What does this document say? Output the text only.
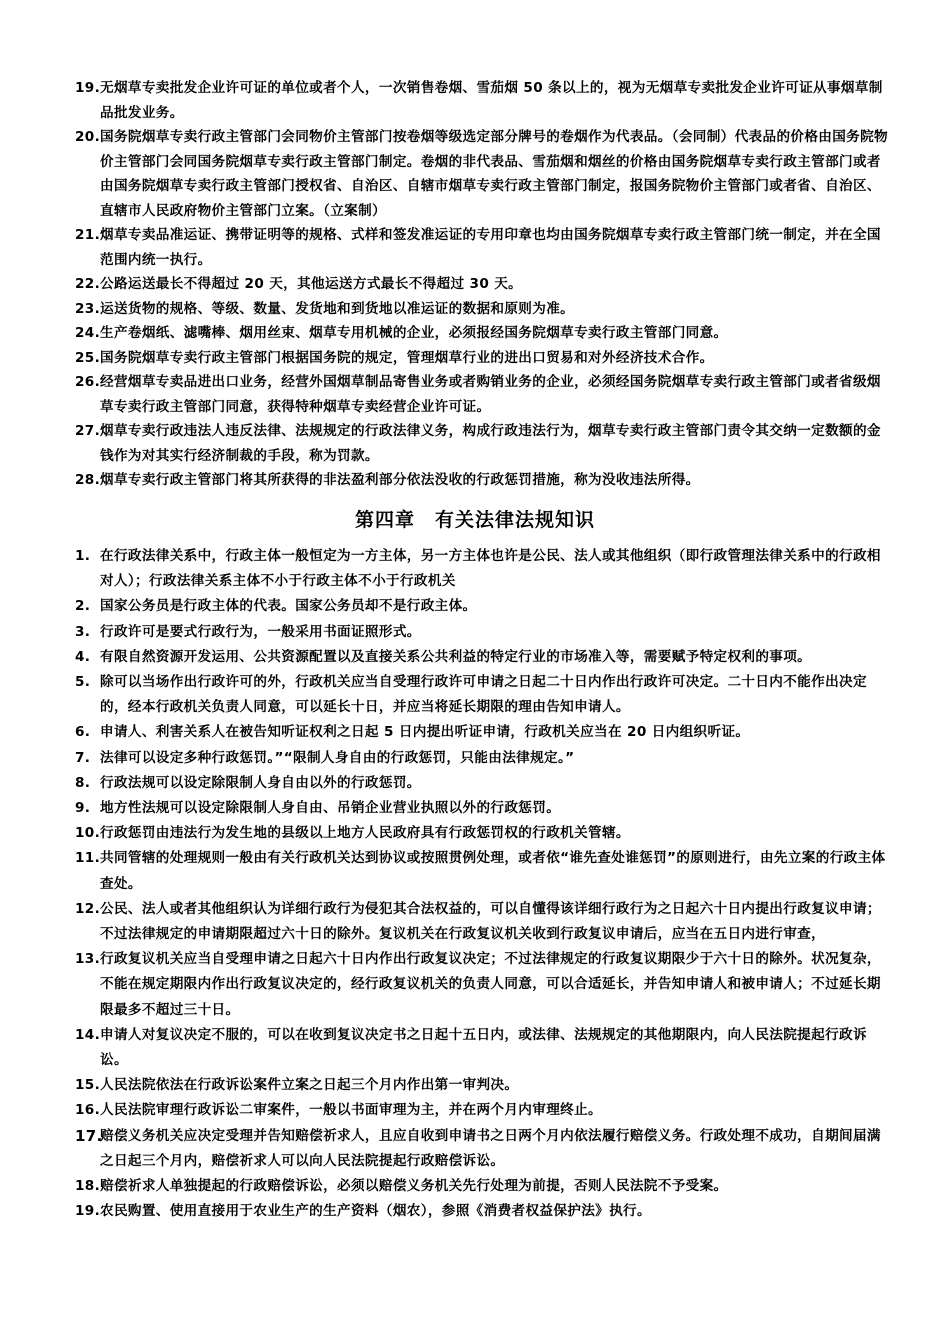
19. 无烟草专卖批发企业许可证的单位或者个人，一次销售卷烟、雪茄烟 50 条以上的，视为无烟草专卖批发企业许可证从事烟草制品批发业务。
20. 国务院烟草专卖行政主管部门会同物价主管部门按卷烟等级选定部分牌号的卷烟作为代表品。（会同制）代表品的价格由国务院物价主管部门会同国务院烟草专卖行政主管部门制定。卷烟的非代表品、雪茄烟和烟丝的价格由国务院烟草专卖行政主管部门或者由国务院烟草专卖行政主管部门授权省、自治区、自辖市烟草专卖行政主管部门制定，报国务院物价主管部门或者省、自治区、直辖市人民政府物价主管部门立案。（立案制）
21. 烟草专卖品准运证、携带证明等的规格、式样和签发准运证的专用印章也均由国务院烟草专卖行政主管部门统一制定，并在全国范围内统一执行。
22. 公路运送最长不得超过 20 天，其他运送方式最长不得超过 30 天。
23. 运送货物的规格、等级、数量、发货地和到货地以准运证的数据和原则为准。
24. 生产卷烟纸、滤嘴棒、烟用丝束、烟草专用机械的企业，必须报经国务院烟草专卖行政主管部门同意。
25. 国务院烟草专卖行政主管部门根据国务院的规定，管理烟草行业的进出口贸易和对外经济技术合作。
26. 经营烟草专卖品进出口业务，经营外国烟草制品寄售业务或者购销业务的企业，必须经国务院烟草专卖行政主管部门或者省级烟草专卖行政主管部门同意，获得特种烟草专卖经营企业许可证。
27. 烟草专卖行政违法人违反法律、法规规定的行政法律义务，构成行政违法行为，烟草专卖行政主管部门责令其交纳一定数额的金钱作为对其实行经济制裁的手段，称为罚款。
28. 烟草专卖行政主管部门将其所获得的非法盈利部分依法没收的行政惩罚措施，称为没收违法所得。
第四章　有关法律法规知识
1. 在行政法律关系中，行政主体一般恒定为一方主体，另一方主体也许是公民、法人或其他组织（即行政管理法律关系中的行政相对人）；行政法律关系主体不小于行政主体不小于行政机关
2. 国家公务员是行政主体的代表。国家公务员却不是行政主体。
3. 行政许可是要式行政行为，一般采用书面证照形式。
4. 有限自然资源开发运用、公共资源配置以及直接关系公共利益的特定行业的市场准入等，需要赋予特定权利的事项。
5. 除可以当场作出行政许可的外，行政机关应当自受理行政许可申请之日起二十日内作出行政许可决定。二十日内不能作出决定的，经本行政机关负责人同意，可以延长十日，并应当将延长期限的理由告知申请人。
6. 申请人、利害关系人在被告知听证权利之日起 5 日内提出听证申请，行政机关应当在 20 日内组织听证。
7. 法律可以设定多种行政惩罚。”“限制人身自由的行政惩罚，只能由法律规定。”
8. 行政法规可以设定除限制人身自由以外的行政惩罚。
9. 地方性法规可以设定除限制人身自由、吊销企业营业执照以外的行政惩罚。
10. 行政惩罚由违法行为发生地的县级以上地方人民政府具有行政惩罚权的行政机关管辖。
11. 共同管辖的处理规则一般由有关行政机关达到协议或按照贯例处理，或者依“谁先查处谁惩罚”的原则进行，由先立案的行政主体查处。
12. 公民、法人或者其他组织认为详细行政行为侵犯其合法权益的，可以自懂得该详细行政行为之日起六十日内提出行政复议申请；不过法律规定的申请期限超过六十日的除外。复议机关在行政复议机关收到行政复议申请后，应当在五日内进行审查，
13. 行政复议机关应当自受理申请之日起六十日内作出行政复议决定；不过法律规定的行政复议期限少于六十日的除外。状况复杂，不能在规定期限内作出行政复议决定的，经行政复议机关的负责人同意，可以合适延长，并告知申请人和被申请人；不过延长期限最多不超过三十日。
14. 申请人对复议决定不服的，可以在收到复议决定书之日起十五日内，或法律、法规规定的其他期限内，向人民法院提起行政诉讼。
15. 人民法院依法在行政诉讼案件立案之日起三个月内作出第一审判决。
16. 人民法院审理行政诉讼二审案件，一般以书面审理为主，并在两个月内审理终止。
17.
赔偿义务机关应决定受理并告知赔偿祈求人，且应自收到申请书之日两个月内依法履行赔偿义务。行政处理不成功，自期间届满之日起三个月内，赔偿祈求人可以向人民法院提起行政赔偿诉讼。
18. 赔偿祈求人单独提起的行政赔偿诉讼，必须以赔偿义务机关先行处理为前提，否则人民法院不予受案。
19. 农民购置、使用直接用于农业生产的生产资料（烟农），参照《消费者权益保护法》执行。
